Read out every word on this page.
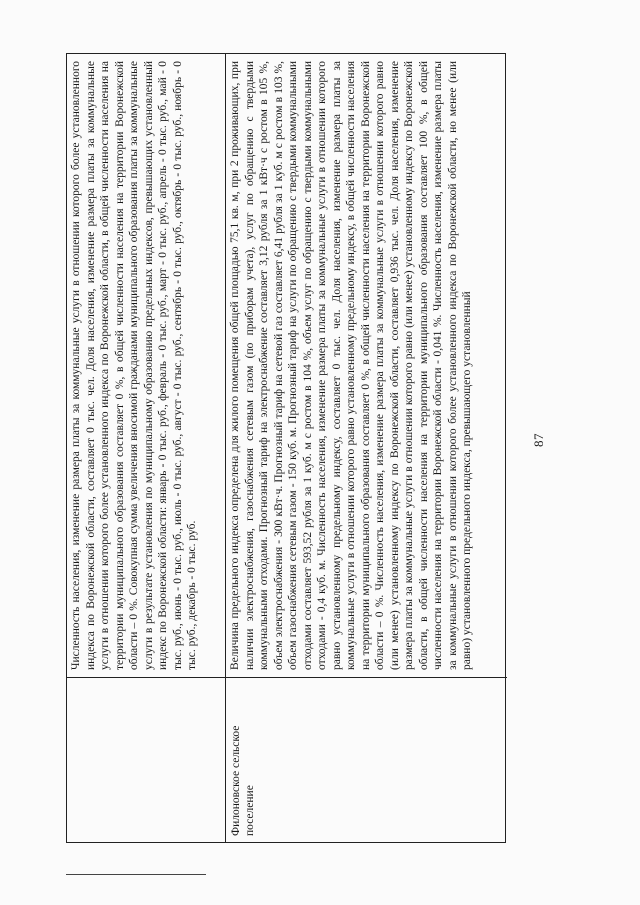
87

Численность населения, изменение размера платы за коммунальные услуги в отношении которого более установленного индекса по Воронежской области, составляет 0 тыс. чел. Доля населения, изменение размера платы за коммунальные услуги в отношении которого более установленного индекса по Воронежской области, в общей численности населения на территории муниципального образования составляет 0 %, в общей численности населения на территории Воронежской области – 0 %. Совокупная сумма увеличения вносимой гражданами муниципального образования платы за коммунальные услуги в результате установления по муниципальному образованию предельных индексов, превышающих установленный индекс по Воронежской области: январь - 0 тыс. руб., февраль - 0 тыс. руб., март - 0 тыс. руб., апрель - 0 тыс. руб., май - 0 тыс. руб., июнь - 0 тыс. руб., июль - 0 тыс. руб., август - 0 тыс. руб., сентябрь - 0 тыс. руб., октябрь - 0 тыс. руб., ноябрь - 0 тыс. руб., декабрь - 0 тыс. руб.

Филоновское сельское поселение

Величина предельного индекса определена для жилого помещения общей площадью 75,1 кв. м, при 2 проживающих, при наличии электроснабжения, газоснабжения сетевым газом (по приборам учета), услуг по обращению с твердыми коммунальными отходами. Прогнозный тариф на электроснабжение составляет 3,12 рубля за 1 кВт·ч с ростом в 105 %, объем электроснабжения - 300 кВт·ч. Прогнозный тариф на сетевой газ составляет 6,41 рубля за 1 куб. м с ростом в 103 %, объем газоснабжения сетевым газом - 150 куб. м. Прогнозный тариф на услуги по обращению с твердыми коммунальными отходами составляет 593,52 рубля за 1 куб. м с ростом в 104 %, объем услуг по обращению с твердыми коммунальными отходами - 0,4 куб. м. Численность населения, изменение размера платы за коммунальные услуги в отношении которого равно установленному предельному индексу, составляет 0 тыс. чел. Доля населения, изменение размера платы за коммунальные услуги в отношении которого равно установленному предельному индексу, в общей численности населения на территории муниципального образования составляет 0 %, в общей численности населения на территории Воронежской области – 0 %. Численность населения, изменение размера платы за коммунальные услуги в отношении которого равно (или менее) установленному индексу по Воронежской области, составляет 0,936 тыс. чел. Доля населения, изменение размера платы за коммунальные услуги в отношении которого равно (или менее) установленному индексу по Воронежской области, в общей численности населения на территории муниципального образования составляет 100 %, в общей численности населения на территории Воронежской области - 0,041 %. Численность населения, изменение размера платы за коммунальные услуги в отношении которого более установленного индекса по Воронежской области, но менее (или равно) установленного предельного индекса, превышающего установленный
